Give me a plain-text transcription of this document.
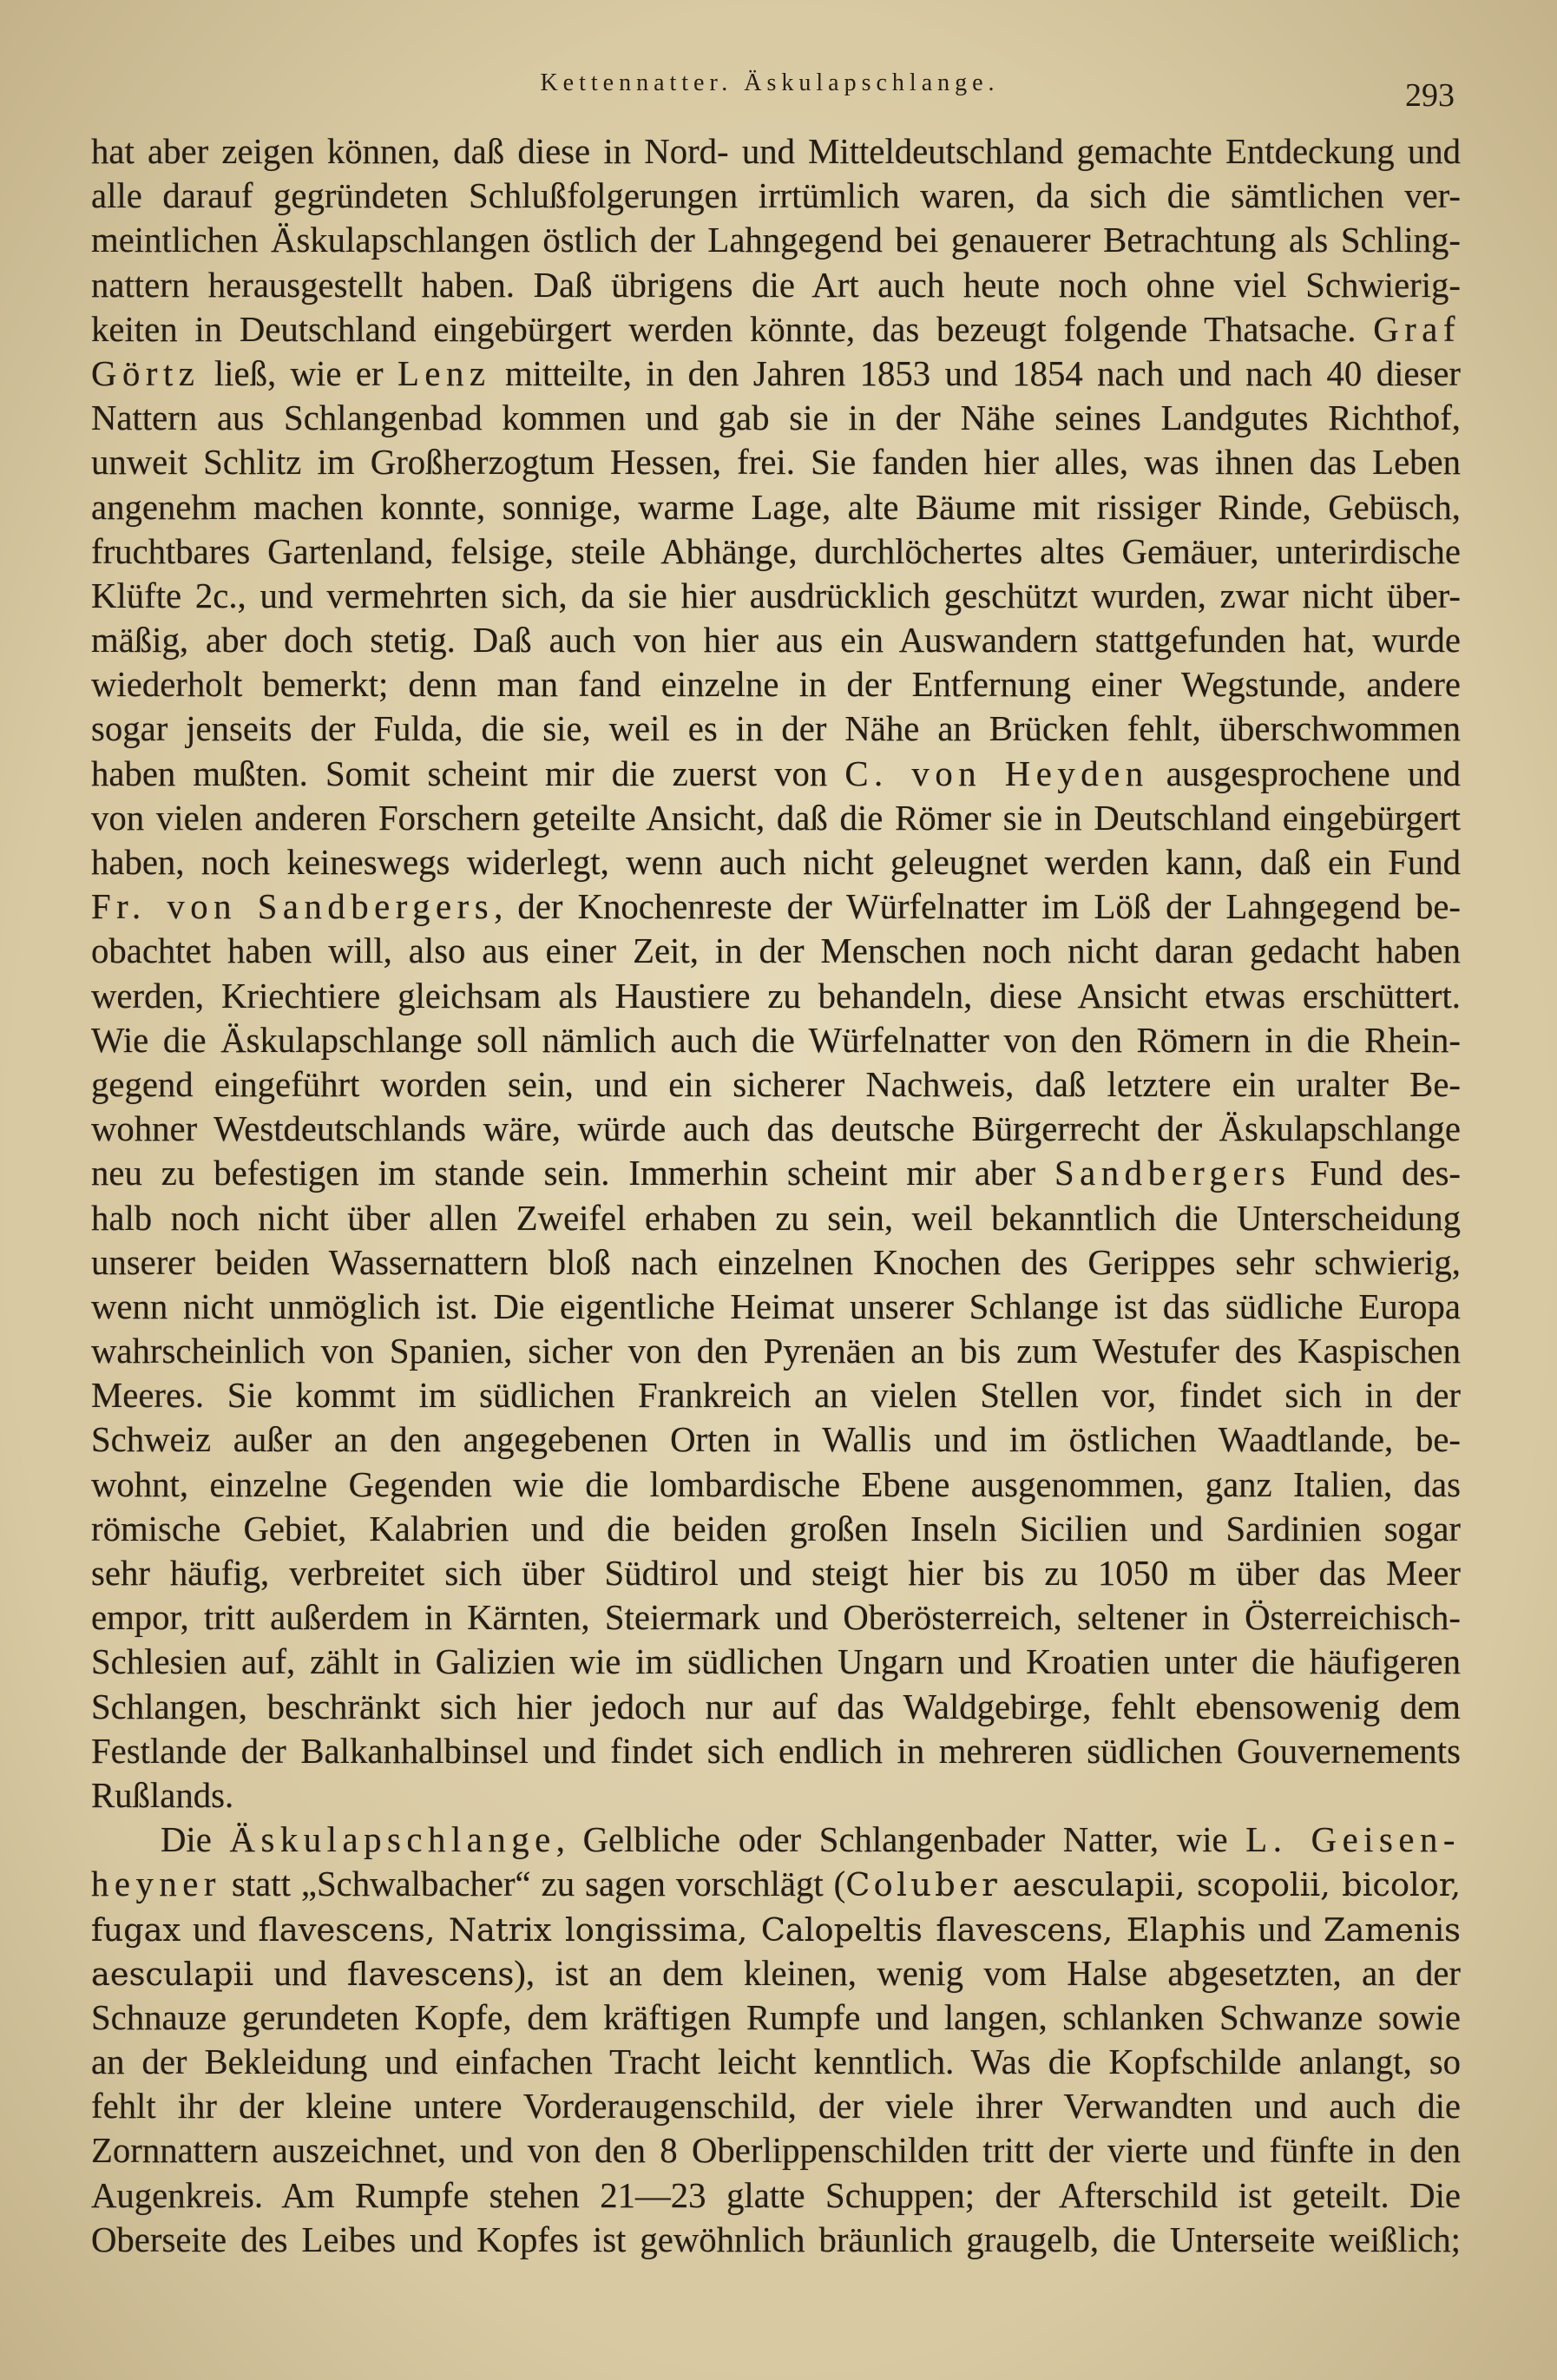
Kettennatter. Äskulapschlange.	293
hat aber zeigen können, daß diese in Nord- und Mitteldeutschland gemachte Entdeckung und
alle darauf gegründeten Schlußfolgerungen irrtümlich waren, da sich die sämtlichen ver-
meintlichen Äskulapschlangen östlich der Lahngegend bei genauerer Betrachtung als Schling-
nattern herausgestellt haben. Daß übrigens die Art auch heute noch ohne viel Schwierig-
keiten in Deutschland eingebürgert werden könnte, das bezeugt folgende Thatsache. Graf
Görtz ließ, wie er Lenz mitteilte, in den Jahren 1853 und 1854 nach und nach 40 dieser
Nattern aus Schlangenbad kommen und gab sie in der Nähe seines Landgutes Richthof,
unweit Schlitz im Großherzogtum Hessen, frei. Sie fanden hier alles, was ihnen das Leben
angenehm machen konnte, sonnige, warme Lage, alte Bäume mit rissiger Rinde, Gebüsch,
fruchtbares Gartenland, felsige, steile Abhänge, durchlöchertes altes Gemäuer, unterirdische
Klüfte 2c., und vermehrten sich, da sie hier ausdrücklich geschützt wurden, zwar nicht über-
mäßig, aber doch stetig. Daß auch von hier aus ein Auswandern stattgefunden hat, wurde
wiederholt bemerkt; denn man fand einzelne in der Entfernung einer Wegstunde, andere
sogar jenseits der Fulda, die sie, weil es in der Nähe an Brücken fehlt, überschwommen
haben mußten. Somit scheint mir die zuerst von C. von Heyden ausgesprochene und
von vielen anderen Forschern geteilte Ansicht, daß die Römer sie in Deutschland eingebürgert
haben, noch keineswegs widerlegt, wenn auch nicht geleugnet werden kann, daß ein Fund
Fr. von Sandbergers, der Knochenreste der Würfelnatter im Löß der Lahngegend be-
obachtet haben will, also aus einer Zeit, in der Menschen noch nicht daran gedacht haben
werden, Kriechtiere gleichsam als Haustiere zu behandeln, diese Ansicht etwas erschüttert.
Wie die Äskulapschlange soll nämlich auch die Würfelnatter von den Römern in die Rhein-
gegend eingeführt worden sein, und ein sicherer Nachweis, daß letztere ein uralter Be-
wohner Westdeutschlands wäre, würde auch das deutsche Bürgerrecht der Äskulapschlange
neu zu befestigen im stande sein. Immerhin scheint mir aber Sandbergers Fund des-
halb noch nicht über allen Zweifel erhaben zu sein, weil bekanntlich die Unterscheidung
unserer beiden Wassernattern bloß nach einzelnen Knochen des Gerippes sehr schwierig,
wenn nicht unmöglich ist. Die eigentliche Heimat unserer Schlange ist das südliche Europa
wahrscheinlich von Spanien, sicher von den Pyrenäen an bis zum Westufer des Kaspischen
Meeres. Sie kommt im südlichen Frankreich an vielen Stellen vor, findet sich in der
Schweiz außer an den angegebenen Orten in Wallis und im östlichen Waadtlande, be-
wohnt, einzelne Gegenden wie die lombardische Ebene ausgenommen, ganz Italien, das
römische Gebiet, Kalabrien und die beiden großen Inseln Sicilien und Sardinien sogar
sehr häufig, verbreitet sich über Südtirol und steigt hier bis zu 1050 m über das Meer
empor, tritt außerdem in Kärnten, Steiermark und Oberösterreich, seltener in Österreichisch-
Schlesien auf, zählt in Galizien wie im südlichen Ungarn und Kroatien unter die häufigeren
Schlangen, beschränkt sich hier jedoch nur auf das Waldgebirge, fehlt ebensowenig dem
Festlande der Balkanhalbinsel und findet sich endlich in mehreren südlichen Gouvernements
Rußlands.
Die Äskulapschlange, Gelbliche oder Schlangenbader Natter, wie L. Geisen-
heyner statt „Schwalbacher“ zu sagen vorschlägt (Coluber aesculapii, scopolii, bicolor,
fugax und flavescens, Natrix longissima, Calopeltis flavescens, Elaphis und Zamenis
aesculapii und flavescens), ist an dem kleinen, wenig vom Halse abgesetzten, an der
Schnauze gerundeten Kopfe, dem kräftigen Rumpfe und langen, schlanken Schwanze sowie
an der Bekleidung und einfachen Tracht leicht kenntlich. Was die Kopfschilde anlangt, so
fehlt ihr der kleine untere Vorderaugenschild, der viele ihrer Verwandten und auch die
Zornnattern auszeichnet, und von den 8 Oberlippenschilden tritt der vierte und fünfte in den
Augenkreis. Am Rumpfe stehen 21—23 glatte Schuppen; der Afterschild ist geteilt. Die
Oberseite des Leibes und Kopfes ist gewöhnlich bräunlich graugelb, die Unterseite weißlich;
